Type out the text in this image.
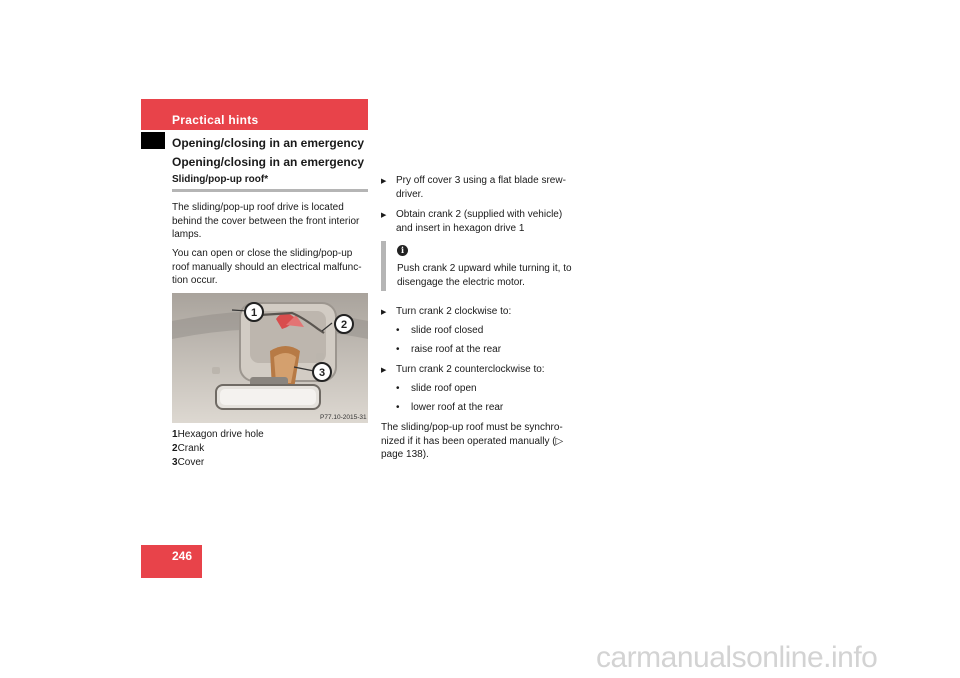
Practical hints
Opening/closing in an emergency
Opening/closing in an emergency
Sliding/pop-up roof*
The sliding/pop-up roof drive is located behind the cover between the front interior lamps.
You can open or close the sliding/pop-up roof manually should an electrical malfunc-tion occur.
1
2
3
P77.10-2015-31
1Hexagon drive hole
2Crank
3Cover
▶ Pry off cover 3 using a flat blade srew-driver.
▶ Obtain crank 2 (supplied with vehicle) and insert in hexagon drive 1
i
Push crank 2 upward while turning it, to disengage the electric motor.
▶ Turn crank 2 clockwise to:
•	slide roof closed
•	raise roof at the rear
▶ Turn crank 2 counterclockwise to:
•	slide roof open
•	lower roof at the rear
The sliding/pop-up roof must be synchro-nized if it has been operated manually (▷ page 138).
246
carmanualsonline.info
